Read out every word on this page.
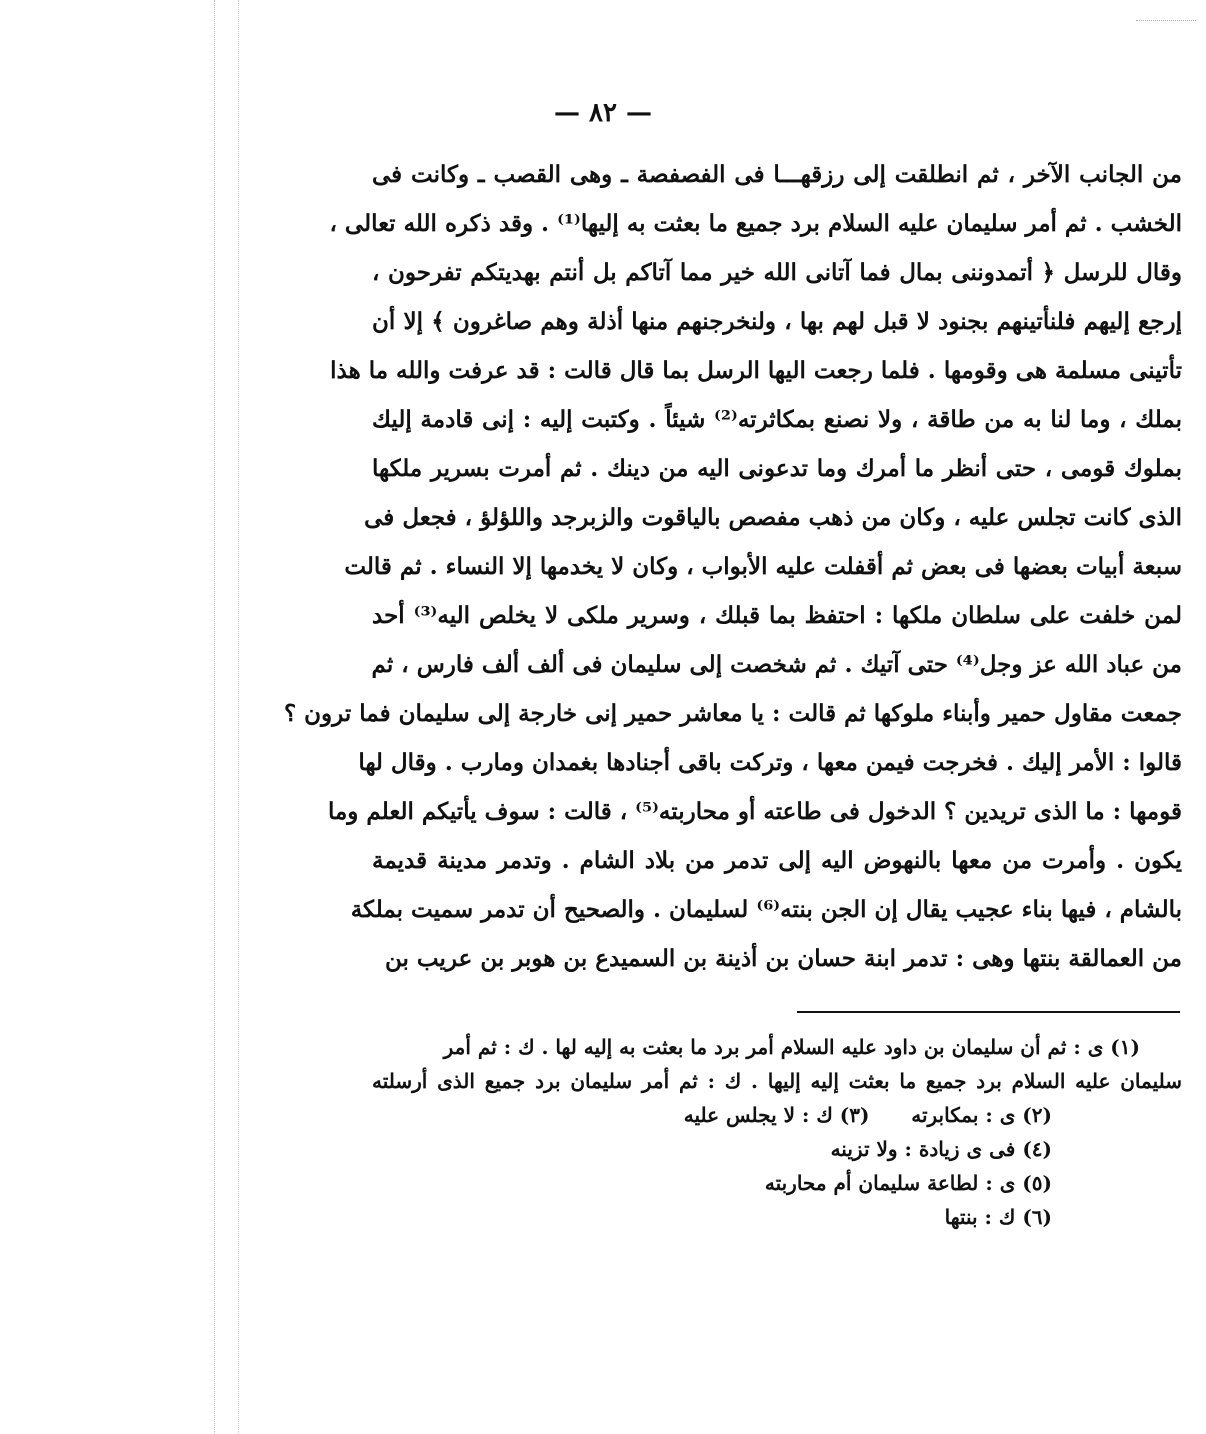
— ٨٢ —
من الجانب الآخر ، ثم انطلقت إلى رزقهـــا فى الفصفصة ـ وهى القصب ـ وكانت فى
الخشب . ثم أمر سليمان عليه السلام برد جميع ما بعثت به إليها⁽¹⁾ . وقد ذكره الله تعالى ،
وقال للرسل ﴿ أتمدوننى بمال فما آتانى الله خير مما آتاكم بل أنتم بهديتكم تفرحون ،
إرجع إليهم فلنأتينهم بجنود لا قبل لهم بها ، ولنخرجنهم منها أذلة وهم صاغرون ﴾ إلا أن
تأتينى مسلمة هى وقومها . فلما رجعت اليها الرسل بما قال قالت : قد عرفت والله ما هذا
بملك ، وما لنا به من طاقة ، ولا نصنع بمكاثرته⁽²⁾ شيئاً . وكتبت إليه : إنى قادمة إليك
بملوك قومى ، حتى أنظر ما أمرك وما تدعونى اليه من دينك . ثم أمرت بسرير ملكها
الذى كانت تجلس عليه ، وكان من ذهب مفصص بالياقوت والزبرجد واللؤلؤ ، فجعل فى
سبعة أبيات بعضها فى بعض ثم أقفلت عليه الأبواب ، وكان لا يخدمها إلا النساء . ثم قالت
لمن خلفت على سلطان ملكها : احتفظ بما قبلك ، وسرير ملكى لا يخلص اليه⁽³⁾ أحد
من عباد الله عز وجل⁽⁴⁾ حتى آتيك . ثم شخصت إلى سليمان فى ألف ألف فارس ، ثم
جمعت مقاول حمير وأبناء ملوكها ثم قالت : يا معاشر حمير إنى خارجة إلى سليمان فما ترون ؟
قالوا : الأمر إليك . فخرجت فيمن معها ، وتركت باقى أجنادها بغمدان ومارب . وقال لها
قومها : ما الذى تريدين ؟ الدخول فى طاعته أو محاربته⁽⁵⁾ ، قالت : سوف يأتيكم العلم وما
يكون . وأمرت من معها بالنهوض اليه إلى تدمر من بلاد الشام . وتدمر مدينة قديمة
بالشام ، فيها بناء عجيب يقال إن الجن بنته⁽⁶⁾ لسليمان . والصحيح أن تدمر سميت بملكة
من العمالقة بنتها وهى : تدمر ابنة حسان بن أذينة بن السميدع بن هوبر بن عريب بن
(١) ى : ثم أن سليمان بن داود عليه السلام أمر برد ما بعثت به إليه لها . ك : ثم أمر
سليمان عليه السلام برد جميع ما بعثت إليه إليها . ك : ثم أمر سليمان برد جميع الذى أرسلته
(٢) ى : بمكابرته      (٣) ك : لا يجلس عليه
(٤) فى ى زيادة : ولا تزينه
(٥) ى : لطاعة سليمان أم محاربته
(٦) ك : بنتها
